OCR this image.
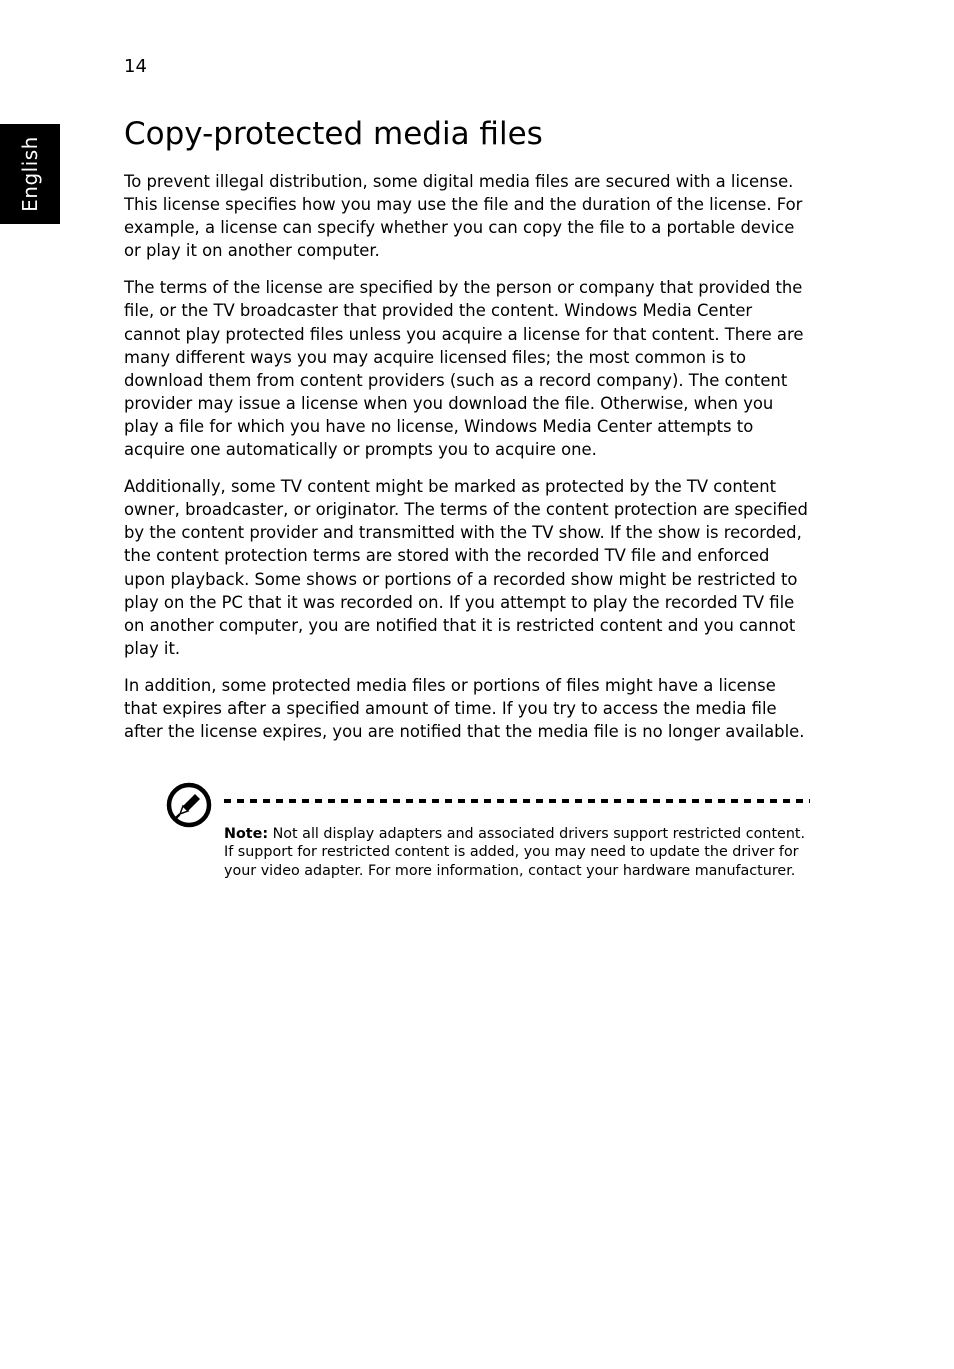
14
English
Copy-protected media files

To prevent illegal distribution, some digital media files are secured with a license. This license specifies how you may use the file and the duration of the license. For example, a license can specify whether you can copy the file to a portable device or play it on another computer.

The terms of the license are specified by the person or company that provided the file, or the TV broadcaster that provided the content. Windows Media Center cannot play protected files unless you acquire a license for that content. There are many different ways you may acquire licensed files; the most common is to download them from content providers (such as a record company). The content provider may issue a license when you download the file. Otherwise, when you play a file for which you have no license, Windows Media Center attempts to acquire one automatically or prompts you to acquire one.

Additionally, some TV content might be marked as protected by the TV content owner, broadcaster, or originator. The terms of the content protection are specified by the content provider and transmitted with the TV show. If the show is recorded, the content protection terms are stored with the recorded TV file and enforced upon playback. Some shows or portions of a recorded show might be restricted to play on the PC that it was recorded on. If you attempt to play the recorded TV file on another computer, you are notified that it is restricted content and you cannot play it.

In addition, some protected media files or portions of files might have a license that expires after a specified amount of time. If you try to access the media file after the license expires, you are notified that the media file is no longer available.

Note: Not all display adapters and associated drivers support restricted content. If support for restricted content is added, you may need to update the driver for your video adapter. For more information, contact your hardware manufacturer.
